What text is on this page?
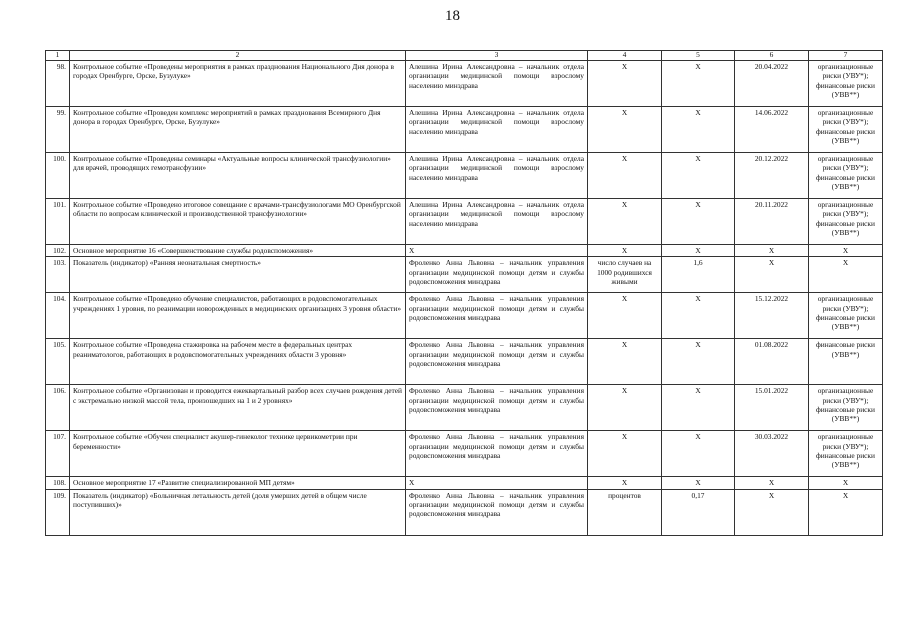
18
1	2	3	4	5	6	7
98.	Контрольное событие «Проведены мероприятия в рамках празднования Национального Дня донора в городах Оренбурге, Орске, Бузулуке»	Алешина Ирина Александровна – начальник отдела организации медицинской помощи взрослому населению минздрава	X	X	20.04.2022	организационные риски (УВУ*); финансовые риски (УВВ**)
99.	Контрольное событие «Проведен комплекс мероприятий в рамках празднования Всемирного Дня донора в городах Оренбурге, Орске, Бузулуке»	Алешина Ирина Александровна – начальник отдела организации медицинской помощи взрослому населению минздрава	X	X	14.06.2022	организационные риски (УВУ*); финансовые риски (УВВ**)
100.	Контрольное событие «Проведены семинары «Актуальные вопросы клинической трансфузиологии» для врачей, проводящих гемотрансфузии»	Алешина Ирина Александровна – начальник отдела организации медицинской помощи взрослому населению минздрава	X	X	20.12.2022	организационные риски (УВУ*); финансовые риски (УВВ**)
101.	Контрольное событие «Проведено итоговое совещание с врачами-трансфузиологами МО Оренбургской области по вопросам клинической и производственной трансфузиологии»	Алешина Ирина Александровна – начальник отдела организации медицинской помощи взрослому населению минздрава	X	X	20.11.2022	организационные риски (УВУ*); финансовые риски (УВВ**)
102.	Основное мероприятие 16 «Совершенствование службы родовспоможения»	X	X	X	X	X
103.	Показатель (индикатор) «Ранняя неонатальная смертность»	Фроленко Анна Львовна – начальник управления организации медицинской помощи детям и службы родовспоможения минздрава	число случаев на 1000 родившихся живыми	1,6	X	X
104.	Контрольное событие «Проведено обучение специалистов, работающих в родовспомогательных учреждениях 1 уровня, по реанимации новорожденных в медицинских организациях 3 уровня области»	Фроленко Анна Львовна – начальник управления организации медицинской помощи детям и службы родовспоможения минздрава	X	X	15.12.2022	организационные риски (УВУ*); финансовые риски (УВВ**)
105.	Контрольное событие «Проведена стажировка на рабочем месте в федеральных центрах реаниматологов, работающих в родовспомогательных учреждениях области 3 уровня»	Фроленко Анна Львовна – начальник управления организации медицинской помощи детям и службы родовспоможения минздрава	X	X	01.08.2022	финансовые риски (УВВ**)
106.	Контрольное событие «Организован и проводится ежеквартальный разбор всех случаев рождения детей с экстремально низкой массой тела, произошедших на 1 и 2 уровнях»	Фроленко Анна Львовна – начальник управления организации медицинской помощи детям и службы родовспоможения минздрава	X	X	15.01.2022	организационные риски (УВУ*); финансовые риски (УВВ**)
107.	Контрольное событие «Обучен специалист акушер-гинеколог технике цервикометрии при беременности»	Фроленко Анна Львовна – начальник управления организации медицинской помощи детям и службы родовспоможения минздрава	X	X	30.03.2022	организационные риски (УВУ*); финансовые риски (УВВ**)
108.	Основное мероприятие 17 «Развитие специализированной МП детям»	X	X	X	X	X
109.	Показатель (индикатор) «Больничная летальность детей (доля умерших детей в общем числе поступивших)»	Фроленко Анна Львовна – начальник управления организации медицинской помощи детям и службы родовспоможения минздрава	процентов	0,17	X	X
